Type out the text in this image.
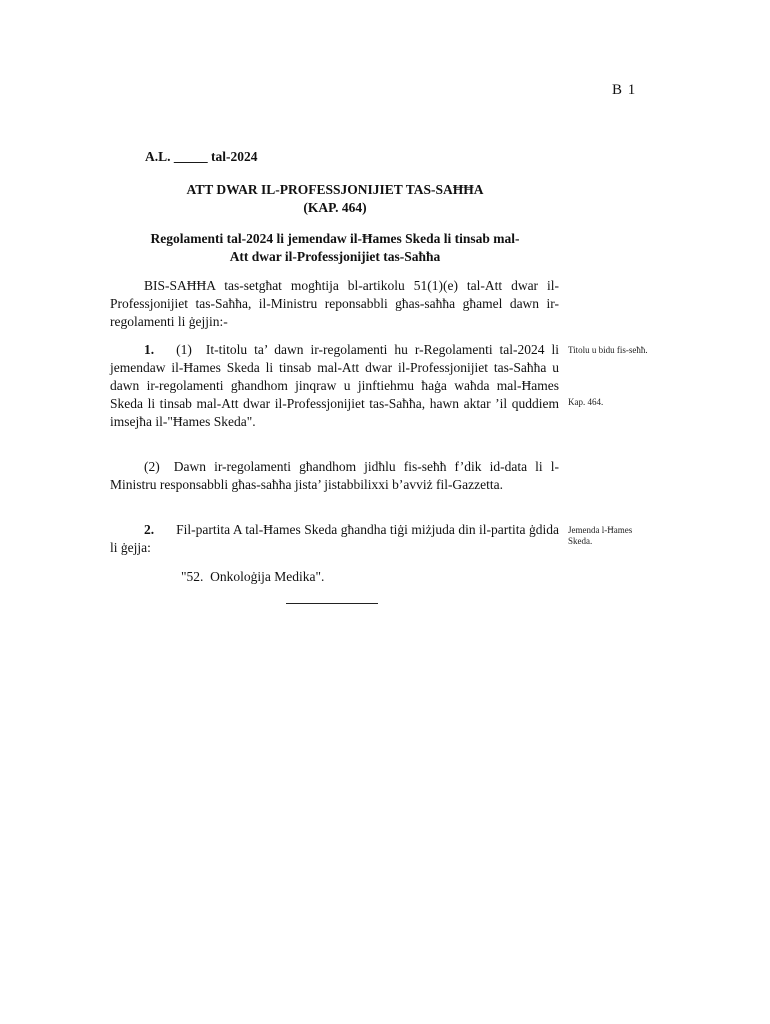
B 1
A.L. _____ tal-2024
ATT DWAR IL-PROFESSJONIJIET TAS-SAĦĦA
(KAP. 464)
Regolamenti tal-2024 li jemendaw il-Ħames Skeda li tinsab mal-
Att dwar il-Professjonijiet tas-Saħħa
BIS-SAĦĦA tas-setgħat mogħtija bl-artikolu 51(1)(e) tal-Att dwar il-Professjonijiet tas-Saħħa, il-Ministru reponsabbli għas-saħħa għamel dawn ir-regolamenti li ġejjin:-
1. (1) It-titolu ta’ dawn ir-regolamenti hu r-Regolamenti tal-2024 li jemendaw il-Ħames Skeda li tinsab mal-Att dwar il-Professjonijiet tas-Saħħa u dawn ir-regolamenti għandhom jinqraw u jinftiehmu ħaġa waħda mal-Ħames Skeda li tinsab mal-Att dwar il-Professjonijiet tas-Saħħa, hawn aktar ’il quddiem imsejħa il-"Ħames Skeda".
(2) Dawn ir-regolamenti għandhom jidħlu fis-seħħ f’dik id-data li l-Ministru responsabbli għas-saħħa jista’ jistabbilixxi b’avviż fil-Gazzetta.
2. Fil-partita A tal-Ħames Skeda għandha tiġi miżjuda din il-partita ġdida li ġejja:
"52.  Onkoloġija Medika".
Titolu u bidu fis-seħħ.
Kap. 464.
Jemenda l-Ħames Skeda.
